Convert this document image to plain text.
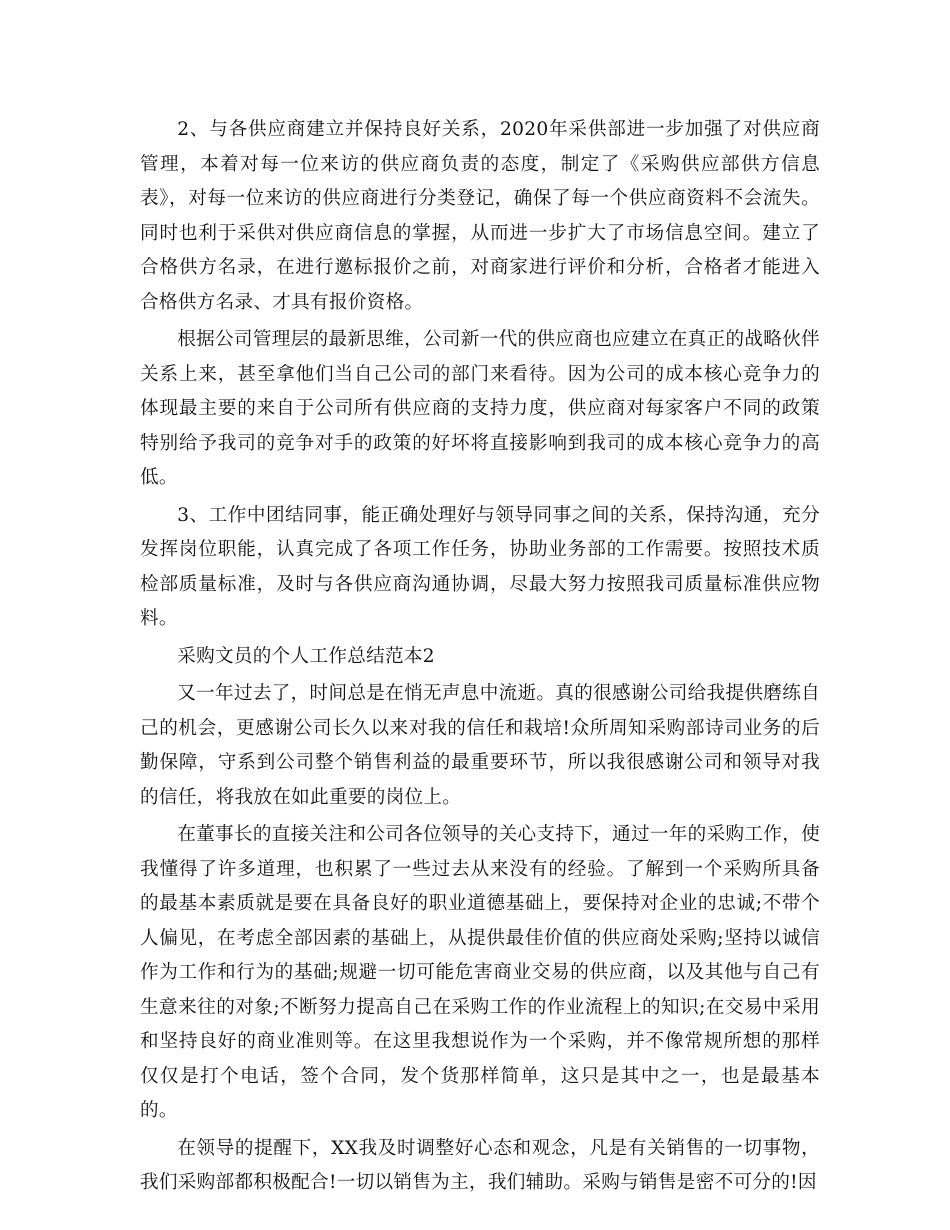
2、与各供应商建立并保持良好关系，2020年采供部进一步加强了对供应商管理，本着对每一位来访的供应商负责的态度，制定了《采购供应部供方信息表》，对每一位来访的供应商进行分类登记，确保了每一个供应商资料不会流失。同时也利于采供对供应商信息的掌握，从而进一步扩大了市场信息空间。建立了合格供方名录，在进行邀标报价之前，对商家进行评价和分析，合格者才能进入合格供方名录、才具有报价资格。

根据公司管理层的最新思维，公司新一代的供应商也应建立在真正的战略伙伴关系上来，甚至拿他们当自己公司的部门来看待。因为公司的成本核心竞争力的体现最主要的来自于公司所有供应商的支持力度，供应商对每家客户不同的政策特别给予我司的竞争对手的政策的好坏将直接影响到我司的成本核心竞争力的高低。

3、工作中团结同事，能正确处理好与领导同事之间的关系，保持沟通，充分发挥岗位职能，认真完成了各项工作任务，协助业务部的工作需要。按照技术质检部质量标准，及时与各供应商沟通协调，尽最大努力按照我司质量标准供应物料。

采购文员的个人工作总结范本2

又一年过去了，时间总是在悄无声息中流逝。真的很感谢公司给我提供磨练自己的机会，更感谢公司长久以来对我的信任和栽培!众所周知采购部诗司业务的后勤保障，守系到公司整个销售利益的最重要环节，所以我很感谢公司和领导对我的信任，将我放在如此重要的岗位上。

在董事长的直接关注和公司各位领导的关心支持下，通过一年的采购工作，使我懂得了许多道理，也积累了一些过去从来没有的经验。了解到一个采购所具备的最基本素质就是要在具备良好的职业道德基础上，要保持对企业的忠诚;不带个人偏见，在考虑全部因素的基础上，从提供最佳价值的供应商处采购;坚持以诚信作为工作和行为的基础;规避一切可能危害商业交易的供应商，以及其他与自己有生意来往的对象;不断努力提高自己在采购工作的作业流程上的知识;在交易中采用和坚持良好的商业准则等。在这里我想说作为一个采购，并不像常规所想的那样仅仅是打个电话，签个合同，发个货那样简单，这只是其中之一，也是最基本的。

在领导的提醒下，XX我及时调整好心态和观念，凡是有关销售的一切事物，我们采购部都积极配合!一切以销售为主，我们辅助。采购与销售是密不可分的!因
